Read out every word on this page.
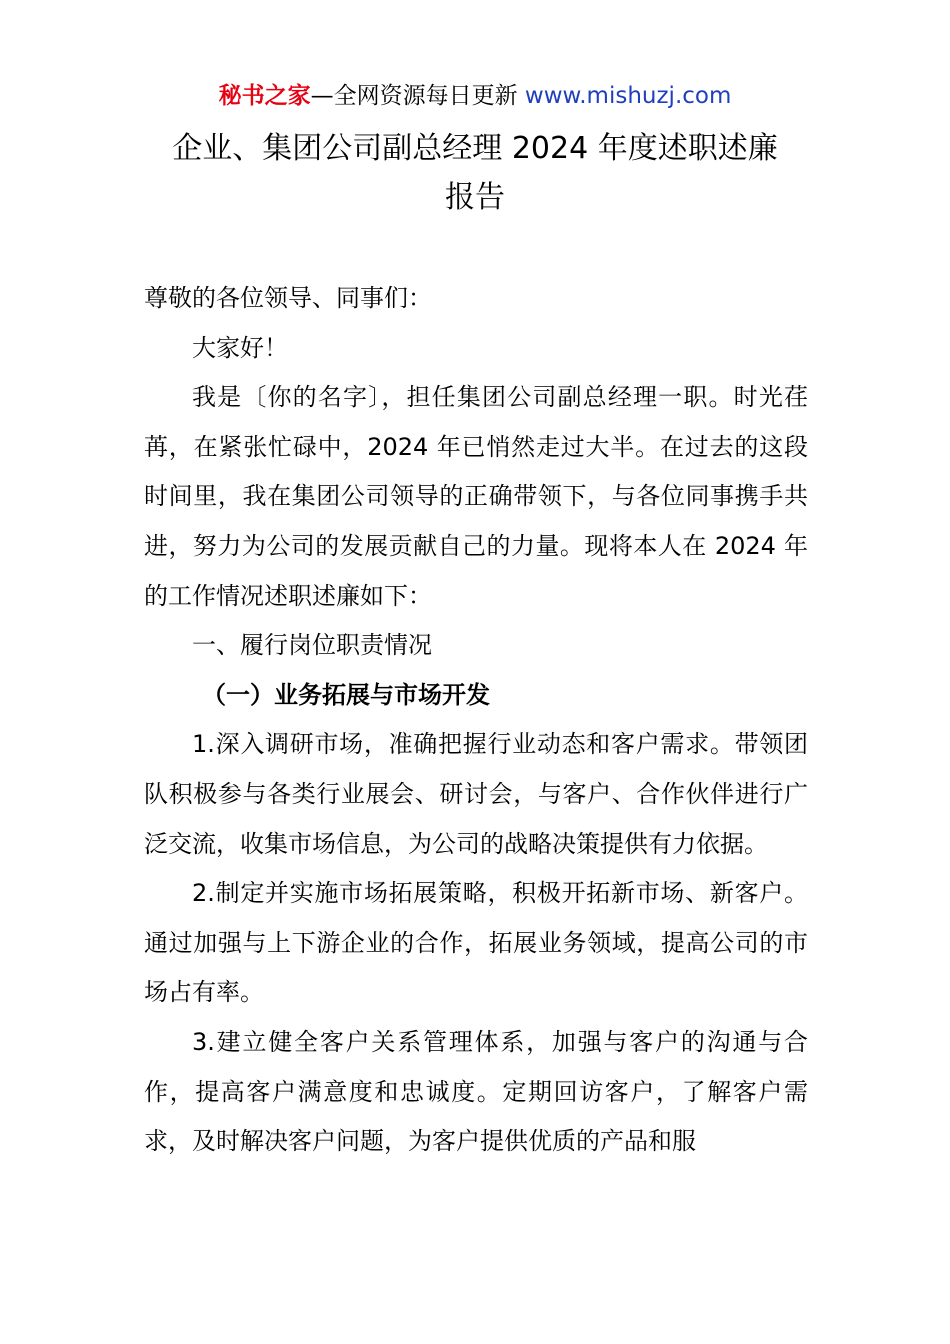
秘书之家—全网资源每日更新 www.mishuzj.com
企业、集团公司副总经理 2024 年度述职述廉
报告

尊敬的各位领导、同事们：

大家好！

我是〔你的名字〕，担任集团公司副总经理一职。时光荏苒，在紧张忙碌中，2024 年已悄然走过大半。在过去的这段时间里，我在集团公司领导的正确带领下，与各位同事携手共进，努力为公司的发展贡献自己的力量。现将本人在 2024 年的工作情况述职述廉如下：

一、履行岗位职责情况

（一）业务拓展与市场开发

1.深入调研市场，准确把握行业动态和客户需求。带领团队积极参与各类行业展会、研讨会，与客户、合作伙伴进行广泛交流，收集市场信息，为公司的战略决策提供有力依据。

2.制定并实施市场拓展策略，积极开拓新市场、新客户。通过加强与上下游企业的合作，拓展业务领域，提高公司的市场占有率。

3.建立健全客户关系管理体系，加强与客户的沟通与合作，提高客户满意度和忠诚度。定期回访客户，了解客户需求，及时解决客户问题，为客户提供优质的产品和服
